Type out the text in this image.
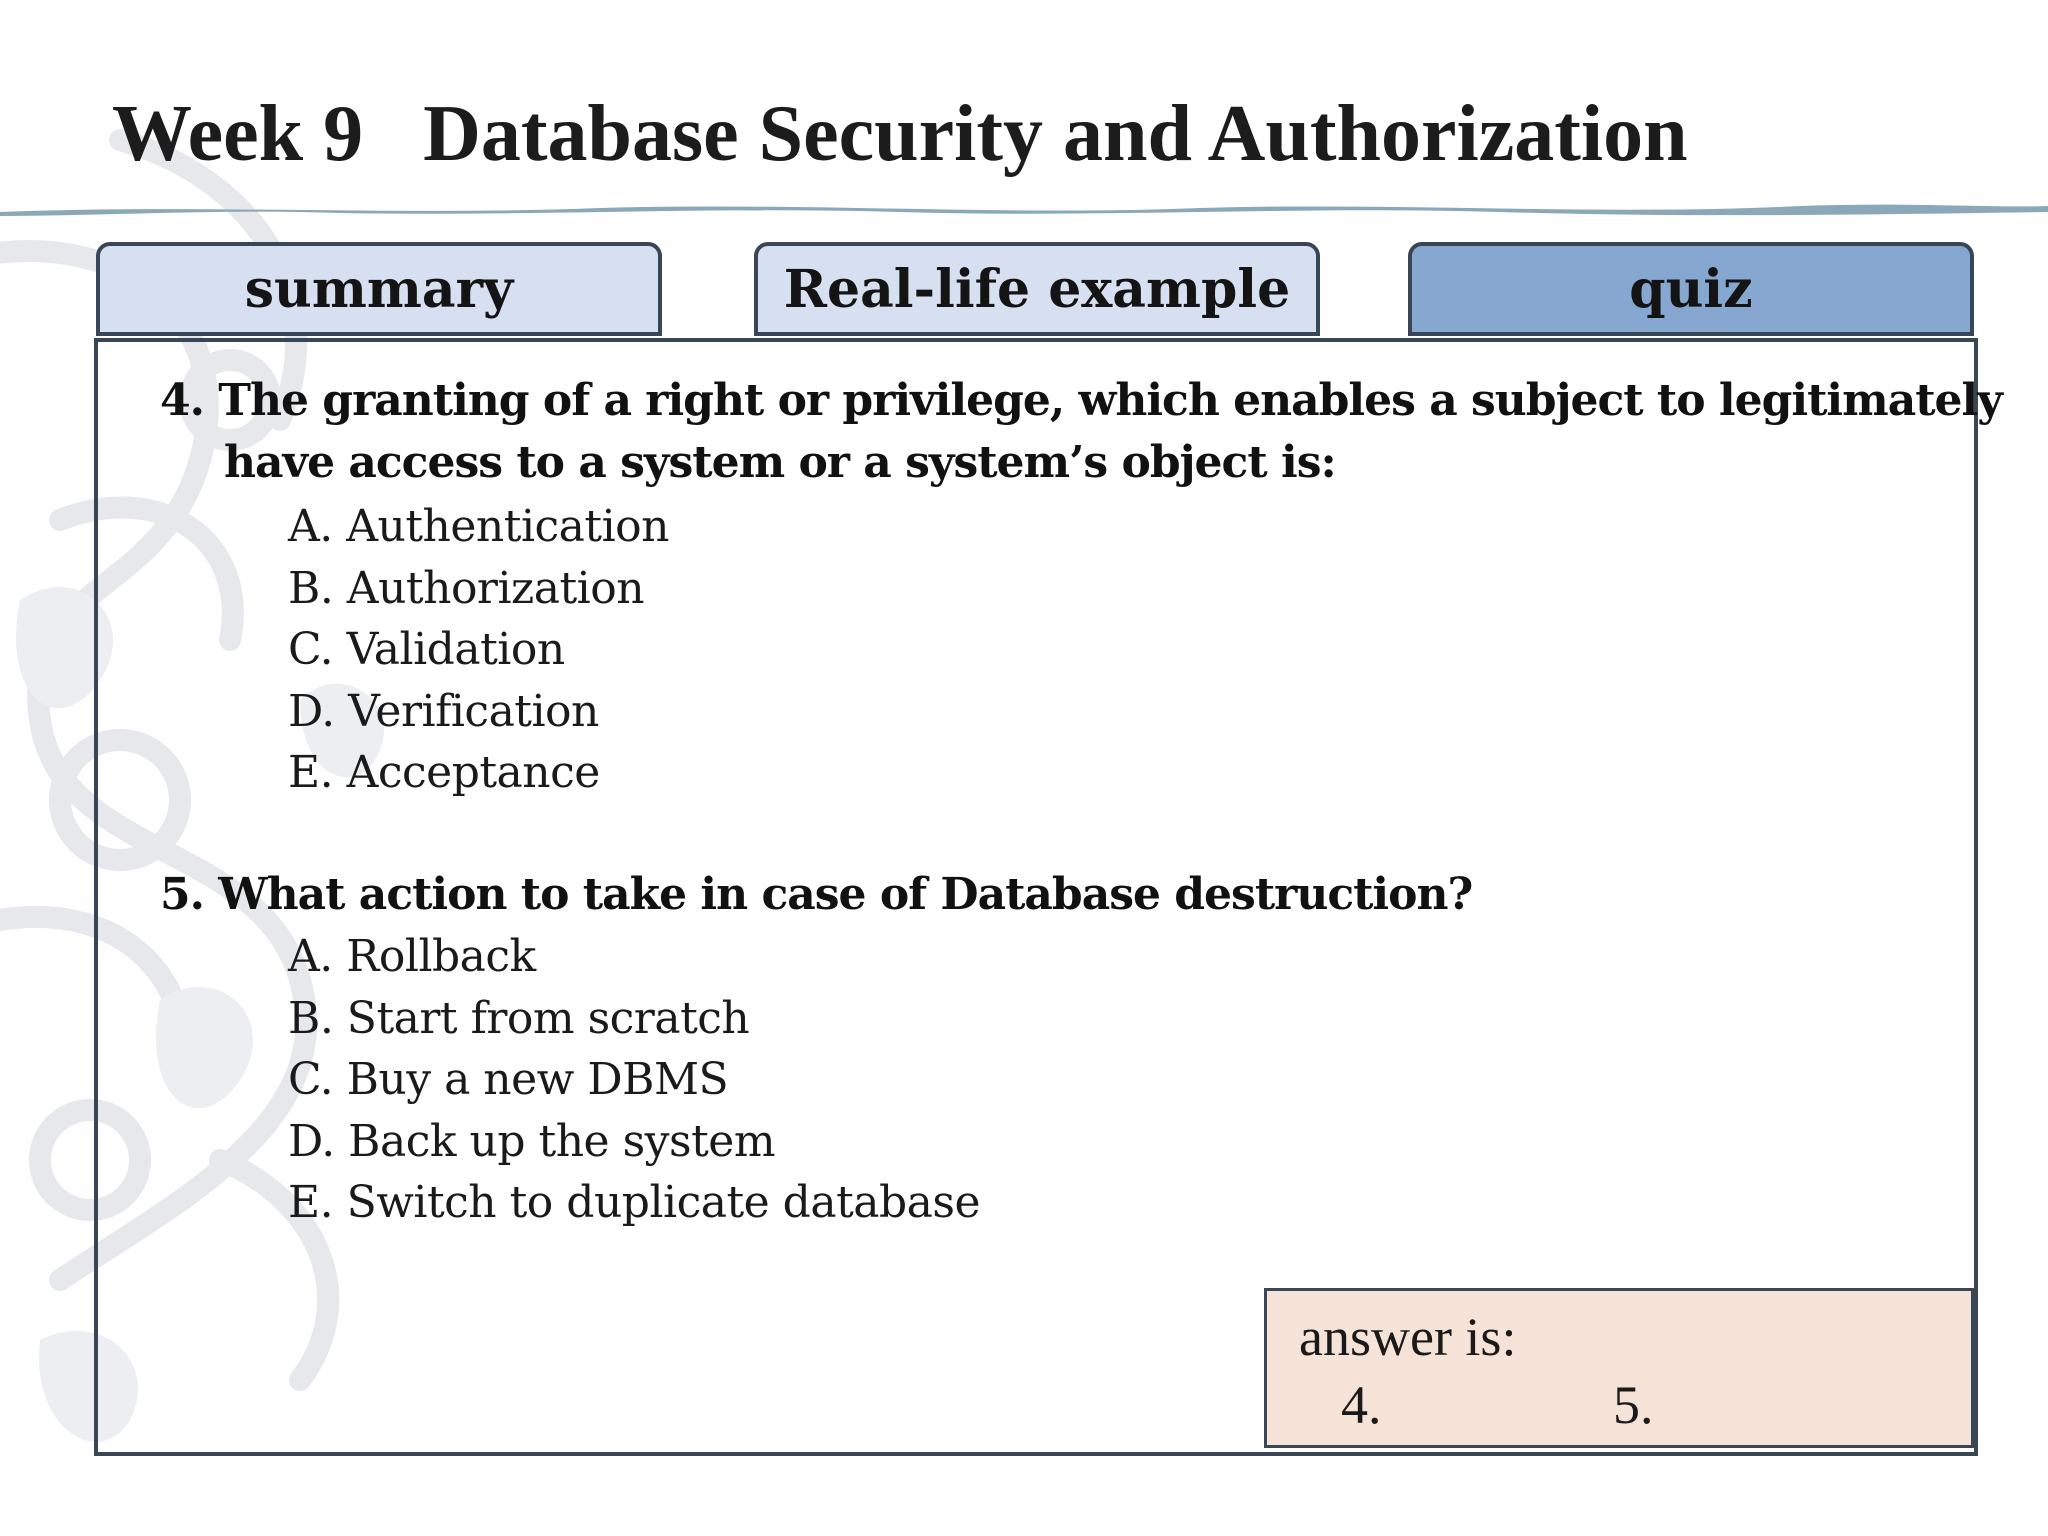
Week 9   Database Security and Authorization
summary	Real-life example	quiz

4. The granting of a right or privilege, which enables a subject to legitimately
have access to a system or a system’s object is:

A. Authentication
B. Authorization
C. Validation
D. Verification
E. Acceptance

5. What action to take in case of Database destruction?

A. Rollback
B. Start from scratch
C. Buy a new DBMS
D. Back up the system
E. Switch to duplicate database
answer is:
4.	5.
